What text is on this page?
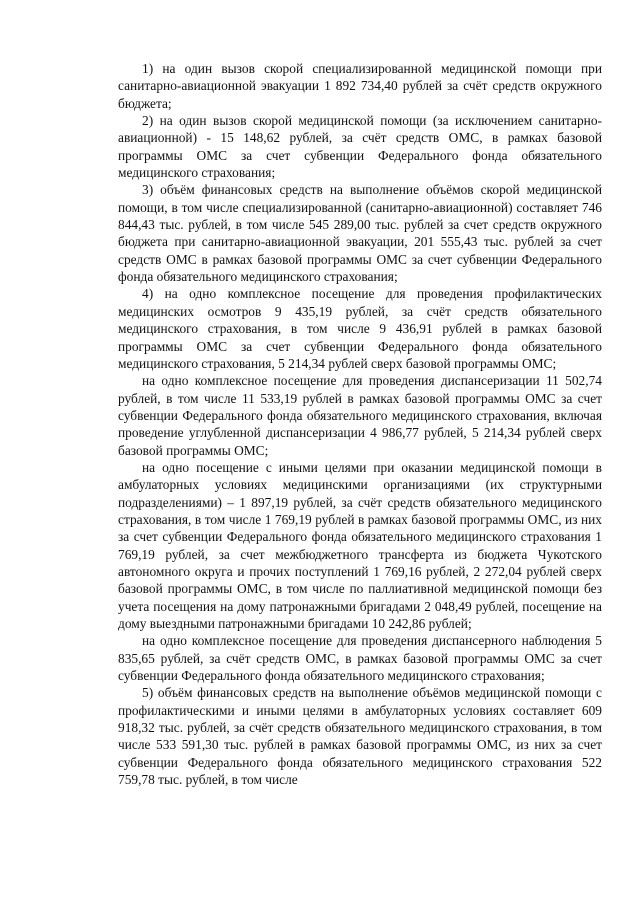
1) на один вызов скорой специализированной медицинской помощи при санитарно-авиационной эвакуации 1 892 734,40 рублей за счёт средств окружного бюджета;

2) на один вызов скорой медицинской помощи (за исключением санитарно-авиационной) - 15 148,62 рублей, за счёт средств ОМС, в рамках базовой программы ОМС за счет субвенции Федерального фонда обязательного медицинского страхования;

3) объём финансовых средств на выполнение объёмов скорой медицинской помощи, в том числе специализированной (санитарно-авиационной) составляет 746 844,43 тыс. рублей, в том числе 545 289,00 тыс. рублей за счет средств окружного бюджета при санитарно-авиационной эвакуации, 201 555,43 тыс. рублей за счет средств ОМС в рамках базовой программы ОМС за счет субвенции Федерального фонда обязательного медицинского страхования;

4) на одно комплексное посещение для проведения профилактических медицинских осмотров 9 435,19 рублей, за счёт средств обязательного медицинского страхования, в том числе 9 436,91 рублей в рамках базовой программы ОМС за счет субвенции Федерального фонда обязательного медицинского страхования, 5 214,34 рублей сверх базовой программы ОМС;

на одно комплексное посещение для проведения диспансеризации 11 502,74 рублей, в том числе 11 533,19 рублей в рамках базовой программы ОМС за счет субвенции Федерального фонда обязательного медицинского страхования, включая проведение углубленной диспансеризации 4 986,77 рублей, 5 214,34 рублей сверх базовой программы ОМС;

на одно посещение с иными целями при оказании медицинской помощи в амбулаторных условиях медицинскими организациями (их структурными подразделениями) – 1 897,19 рублей, за счёт средств обязательного медицинского страхования, в том числе 1 769,19 рублей в рамках базовой программы ОМС, из них за счет субвенции Федерального фонда обязательного медицинского страхования 1 769,19 рублей, за счет межбюджетного трансферта из бюджета Чукотского автономного округа и прочих поступлений 1 769,16 рублей, 2 272,04 рублей сверх базовой программы ОМС, в том числе по паллиативной медицинской помощи без учета посещения на дому патронажными бригадами 2 048,49 рублей, посещение на дому выездными патронажными бригадами 10 242,86 рублей;

на одно комплексное посещение для проведения диспансерного наблюдения 5 835,65 рублей, за счёт средств ОМС, в рамках базовой программы ОМС за счет субвенции Федерального фонда обязательного медицинского страхования;

5) объём финансовых средств на выполнение объёмов медицинской помощи с профилактическими и иными целями в амбулаторных условиях составляет 609 918,32 тыс. рублей, за счёт средств обязательного медицинского страхования, в том числе 533 591,30 тыс. рублей в рамках базовой программы ОМС, из них за счет субвенции Федерального фонда обязательного медицинского страхования 522 759,78 тыс. рублей, в том числе
